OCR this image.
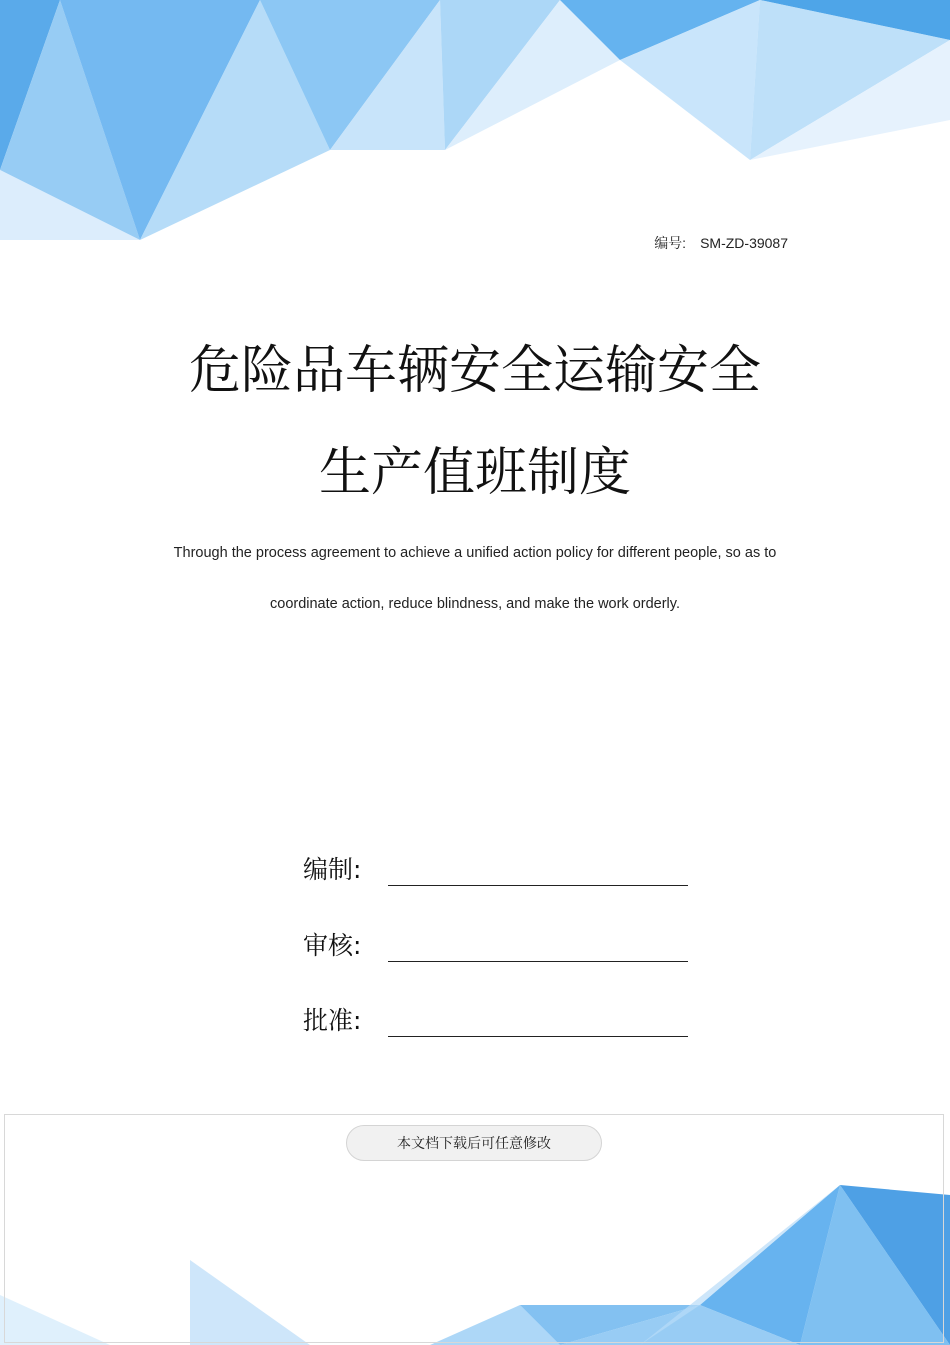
编号: SM-ZD-39087
危险品车辆安全运输安全
生产值班制度

Through the process agreement to achieve a unified action policy for different people, so as to

coordinate action, reduce blindness, and make the work orderly.

编制:
审核:
批准:
本文档下载后可任意修改
